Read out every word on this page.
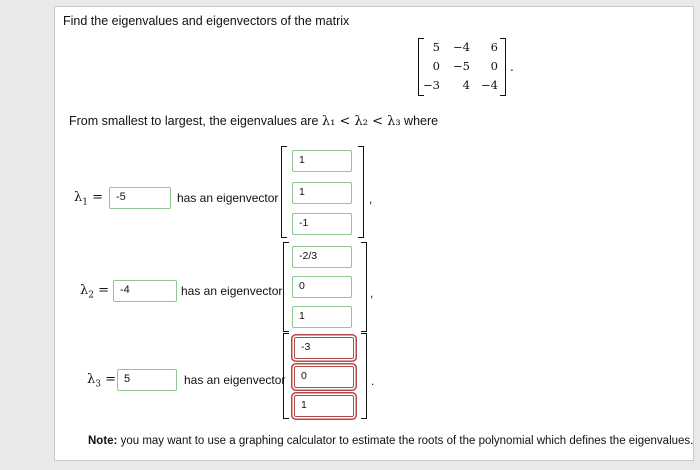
Find the eigenvalues and eigenvectors of the matrix
5	−4	6
0	−5	0
−3	4 −4
.
From smallest to largest, the eigenvalues are λ₁ < λ₂ < λ₃ where
$\lambda_1$ =	-5	has an eigenvector
1
1
-1
,
$\lambda_2 = -4$	has an eigenvector
-2/3
0
1
,
$\lambda_3 = 5$	has an eigenvector
-3
0
1
.
Note: you may want to use a graphing calculator to estimate the roots of the polynomial which defines the eigenvalues.
